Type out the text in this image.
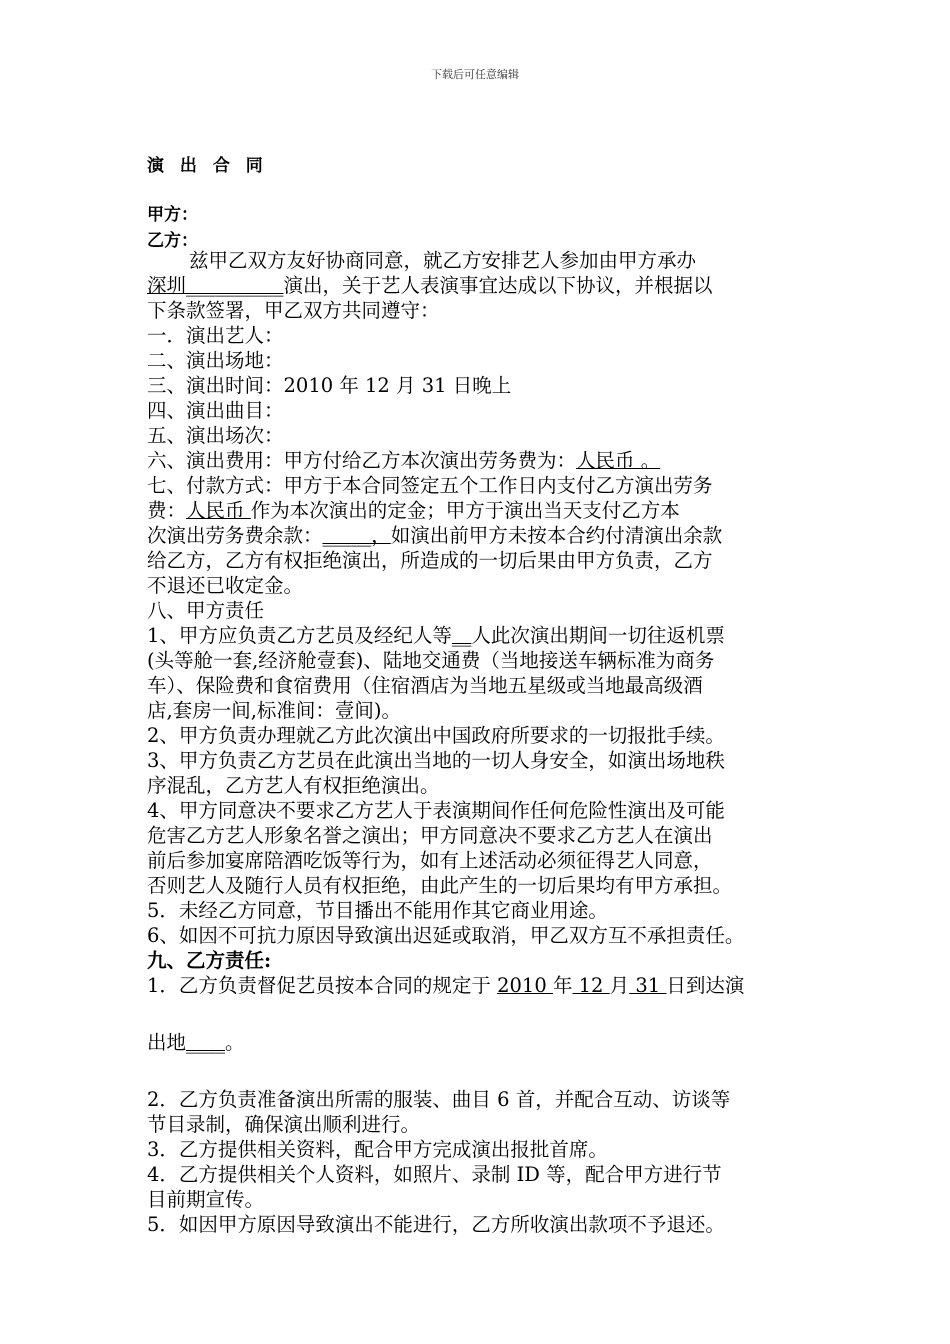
下载后可任意编辑
演 出 合 同
甲方：
乙方：
兹甲乙双方友好协商同意，就乙方安排艺人参加由甲方承办
深圳__________演出，关于艺人表演事宜达成以下协议，并根据以
下条款签署，甲乙双方共同遵守：
一．演出艺人：
二、演出场地：
三、演出时间：2010 年 12 月 31 日晚上
四、演出曲目：
五、演出场次：
六、演出费用：甲方付给乙方本次演出劳务费为：人民币 。
七、付款方式：甲方于本合同签定五个工作日内支付乙方演出劳务
费：人民币 作为本次演出的定金；甲方于演出当天支付乙方本
次演出劳务费余款：_____，如演出前甲方未按本合约付清演出余款
给乙方，乙方有权拒绝演出，所造成的一切后果由甲方负责，乙方
不退还已收定金。
八、甲方责任
1、甲方应负责乙方艺员及经纪人等__人此次演出期间一切往返机票
(头等舱一套,经济舱壹套)、陆地交通费（当地接送车辆标准为商务
车）、保险费和食宿费用（住宿酒店为当地五星级或当地最高级酒
店,套房一间,标准间：壹间)。
2、甲方负责办理就乙方此次演出中国政府所要求的一切报批手续。
3、甲方负责乙方艺员在此演出当地的一切人身安全，如演出场地秩
序混乱，乙方艺人有权拒绝演出。
4、甲方同意决不要求乙方艺人于表演期间作任何危险性演出及可能
危害乙方艺人形象名誉之演出；甲方同意决不要求乙方艺人在演出
前后参加宴席陪酒吃饭等行为，如有上述活动必须征得艺人同意，
否则艺人及随行人员有权拒绝，由此产生的一切后果均有甲方承担。
5．未经乙方同意，节目播出不能用作其它商业用途。
6、如因不可抗力原因导致演出迟延或取消，甲乙双方互不承担责任。
九、乙方责任:
1．乙方负责督促艺员按本合同的规定于 2010 年 12 月 31 日到达演
出地____。
2．乙方负责准备演出所需的服装、曲目 6 首，并配合互动、访谈等
节目录制，确保演出顺利进行。
3．乙方提供相关资料，配合甲方完成演出报批首席。
4．乙方提供相关个人资料，如照片、录制 ID 等，配合甲方进行节
目前期宣传。
5．如因甲方原因导致演出不能进行，乙方所收演出款项不予退还。
